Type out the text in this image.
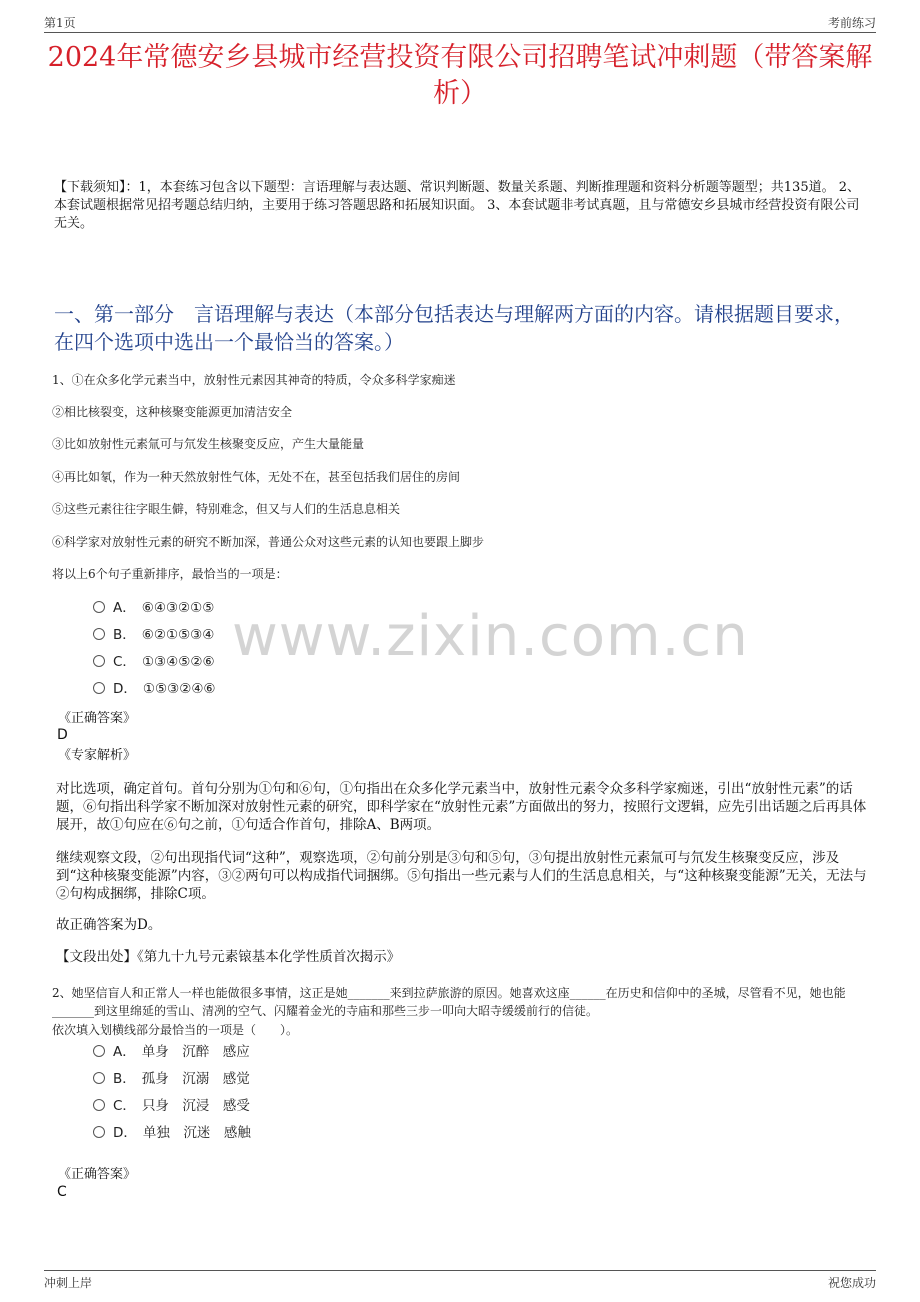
第1页	考前练习
2024年常德安乡县城市经营投资有限公司招聘笔试冲刺题（带答案解析）
【下载须知】：1，本套练习包含以下题型：言语理解与表达题、常识判断题、数量关系题、判断推理题和资料分析题等题型；共135道。 2、本套试题根据常见招考题总结归纳，主要用于练习答题思路和拓展知识面。 3、本套试题非考试真题，且与常德安乡县城市经营投资有限公司无关。
一、第一部分　言语理解与表达（本部分包括表达与理解两方面的内容。请根据题目要求，在四个选项中选出一个最恰当的答案。）
1、①在众多化学元素当中，放射性元素因其神奇的特质，令众多科学家痴迷
②相比核裂变，这种核聚变能源更加清洁安全
③比如放射性元素氚可与氘发生核聚变反应，产生大量能量
④再比如氡，作为一种天然放射性气体，无处不在，甚至包括我们居住的房间
⑤这些元素往往字眼生僻，特别难念，但又与人们的生活息息相关
⑥科学家对放射性元素的研究不断加深，普通公众对这些元素的认知也要跟上脚步
将以上6个句子重新排序，最恰当的一项是：
A． ⑥④③②①⑤
B． ⑥②①⑤③④
C． ①③④⑤②⑥
D． ①⑤③②④⑥
《正确答案》
D
《专家解析》
对比选项，确定首句。首句分别为①句和⑥句，①句指出在众多化学元素当中，放射性元素令众多科学家痴迷，引出“放射性元素”的话题，⑥句指出科学家不断加深对放射性元素的研究，即科学家在“放射性元素”方面做出的努力，按照行文逻辑，应先引出话题之后再具体展开，故①句应在⑥句之前，①句适合作首句，排除A、B两项。
继续观察文段，②句出现指代词“这种”，观察选项，②句前分别是③句和⑤句，③句提出放射性元素氚可与氘发生核聚变反应，涉及到“这种核聚变能源”内容，③②两句可以构成指代词捆绑。⑤句指出一些元素与人们的生活息息相关，与“这种核聚变能源”无关，无法与②句构成捆绑，排除C项。
故正确答案为D。
【文段出处】《第九十九号元素锿基本化学性质首次揭示》
2、她坚信盲人和正常人一样也能做很多事情，这正是她_______来到拉萨旅游的原因。她喜欢这座______在历史和信仰中的圣城，尽管看不见，她也能_______到这里绵延的雪山、清冽的空气、闪耀着金光的寺庙和那些三步一叩向大昭寺缓缓前行的信徒。
依次填入划横线部分最恰当的一项是（　　）。
A． 单身　沉醉　感应
B． 孤身　沉溺　感觉
C． 只身　沉浸　感受
D． 单独　沉迷　感触
《正确答案》
C
www.zixin.com.cn
冲刺上岸	祝您成功
